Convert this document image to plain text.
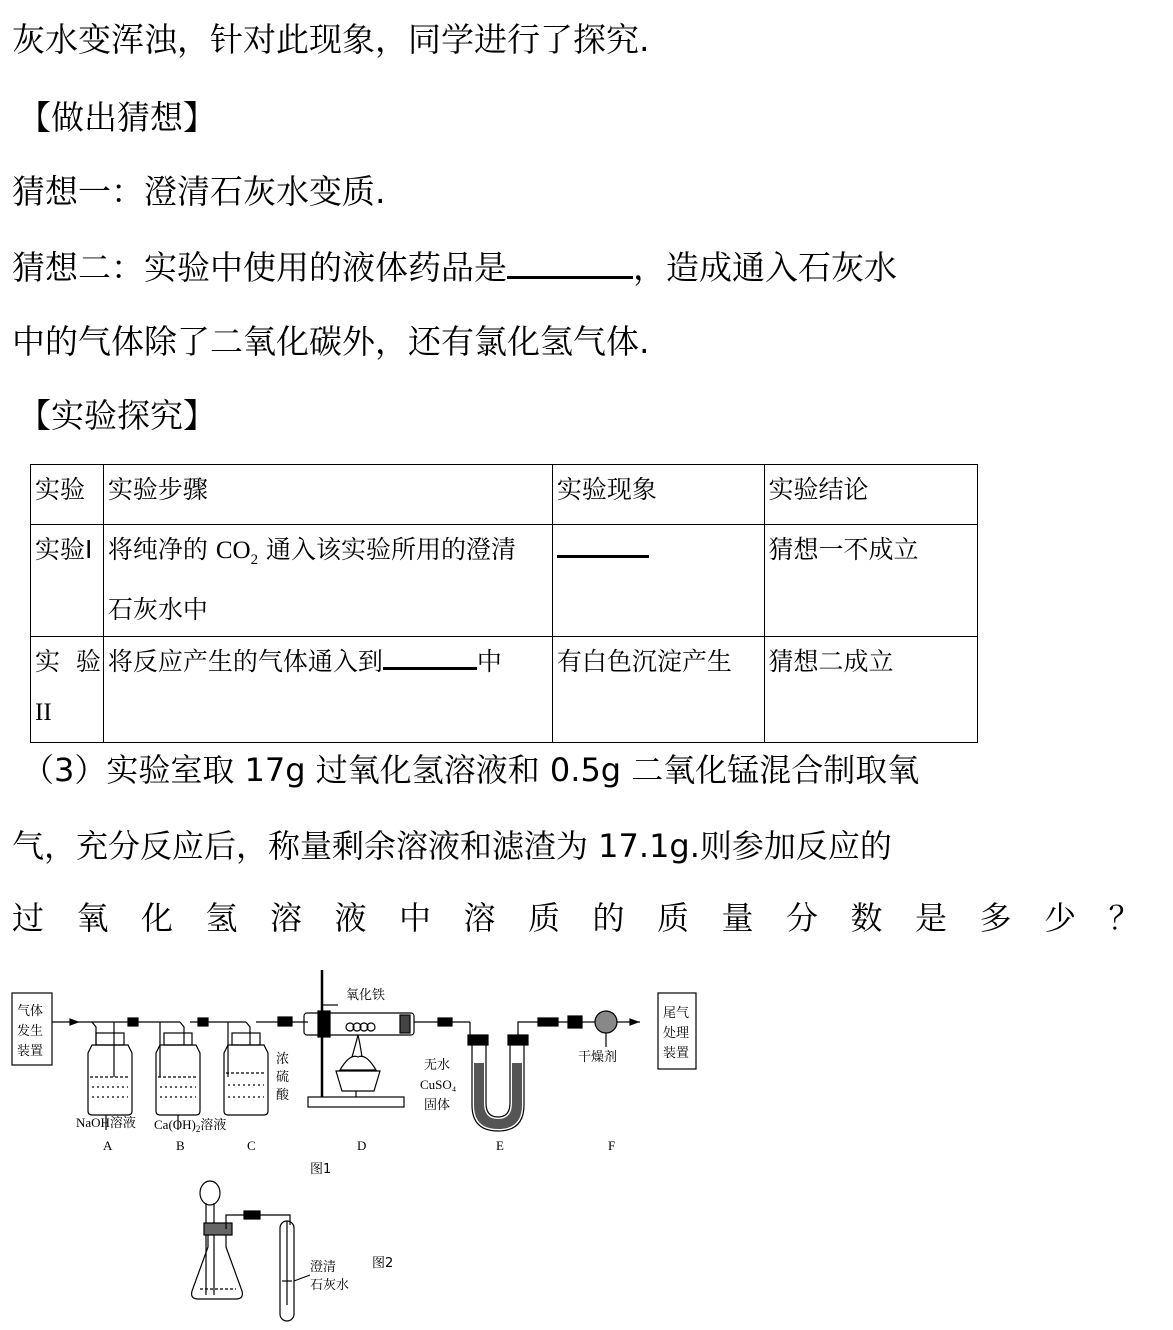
灰水变浑浊，针对此现象，同学进行了探究.
【做出猜想】
猜想一：澄清石灰水变质.
猜想二：实验中使用的液体药品是	，造成通入石灰水
中的气体除了二氧化碳外，还有氯化氢气体.
【实验探究】
实验	实验步骤	实验现象	实验结论
实验I	将纯净的 $CO_2$ 通入该实验所用的澄清
石灰水中		猜想一不成立
实  验
II	将反应产生的气体通入到 中	有白色沉淀产生	猜想二成立
（3）实验室取 17g 过氧化氢溶液和 0.5g 二氧化锰混合制取氧
气，充分反应后，称量剩余溶液和滤渣为 17.1g.则参加反应的
过 氧 化 氢 溶 液 中 溶 质 的 质 量 分 数 是 多 少 ？
气体
发生
装置
尾气
处理
装置
氧化铁
浓
硫
酸
NaOH溶液 $Ca(OH)_2$溶液
无水
CuSO₄
固体
干燥剂
A	B	C	D	E	F
图1
澄清
石灰水
图2
